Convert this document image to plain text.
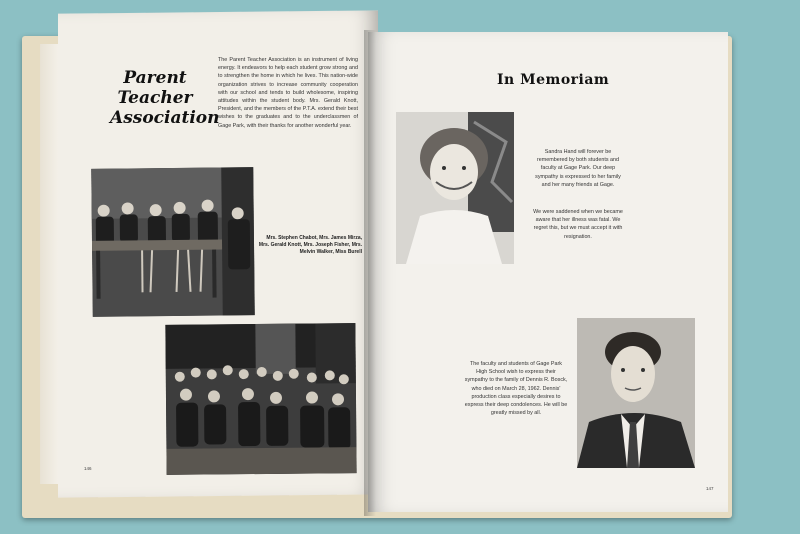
Parent Teacher Association
The Parent Teacher Association is an instrument of living energy. It endeavors to help each student grow strong and to strengthen the home in which he lives. This nation-wide organization strives to increase community cooperation with our school and tends to build wholesome, inspiring attitudes within the student body. Mrs. Gerald Knott, President, and the members of the P.T.A. extend their best wishes to the graduates and to the underclassmen of Gage Park, with their thanks for another wonderful year.
Mrs. Stephen Chabot, Mrs. James Mirza, Mrs. Gerald Knott, Mrs. Joseph Fisher, Mrs. Melvin Walker, Miss Burell
146
In Memoriam
Sandra Hand will forever be remembered by both students and faculty at Gage Park. Our deep sympathy is expressed to her family and her many friends at Gage.
We were saddened when we became aware that her illness was fatal. We regret this, but we must accept it with resignation.
The faculty and students of Gage Park High School wish to express their sympathy to the family of Dennis R. Bosck, who died on March 28, 1962. Dennis' production class especially desires to express their deep condolences. He will be greatly missed by all.
147
